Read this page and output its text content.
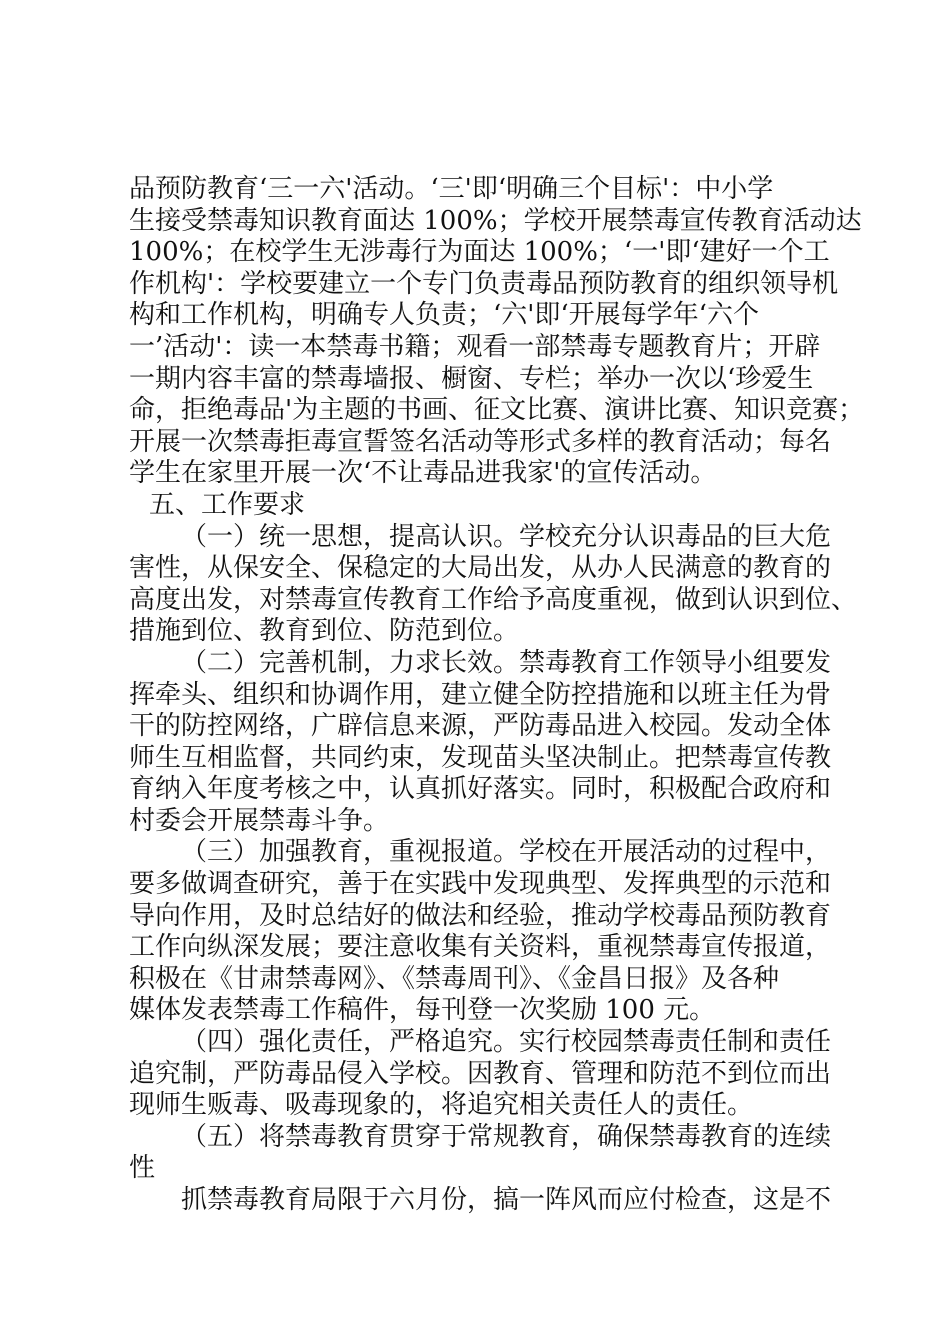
品预防教育‘三一六'活动。‘三'即‘明确三个目标'：中小学

生接受禁毒知识教育面达 100%；学校开展禁毒宣传教育活动达

100%；在校学生无涉毒行为面达 100%；‘一'即‘建好一个工

作机构'：学校要建立一个专门负责毒品预防教育的组织领导机

构和工作机构，明确专人负责；‘六'即‘开展每学年‘六个

一’活动'：读一本禁毒书籍；观看一部禁毒专题教育片；开辟

一期内容丰富的禁毒墙报、橱窗、专栏；举办一次以‘珍爱生

命，拒绝毒品'为主题的书画、征文比赛、演讲比赛、知识竞赛；

开展一次禁毒拒毒宣誓签名活动等形式多样的教育活动；每名

学生在家里开展一次‘不让毒品进我家'的宣传活动。

五、工作要求

（一）统一思想，提高认识。学校充分认识毒品的巨大危

害性，从保安全、保稳定的大局出发，从办人民满意的教育的

高度出发，对禁毒宣传教育工作给予高度重视，做到认识到位、

措施到位、教育到位、防范到位。

（二）完善机制，力求长效。禁毒教育工作领导小组要发

挥牵头、组织和协调作用，建立健全防控措施和以班主任为骨

干的防控网络，广辟信息来源，严防毒品进入校园。发动全体

师生互相监督，共同约束，发现苗头坚决制止。把禁毒宣传教

育纳入年度考核之中，认真抓好落实。同时，积极配合政府和

村委会开展禁毒斗争。

（三）加强教育，重视报道。学校在开展活动的过程中，

要多做调查研究，善于在实践中发现典型、发挥典型的示范和

导向作用，及时总结好的做法和经验，推动学校毒品预防教育

工作向纵深发展；要注意收集有关资料，重视禁毒宣传报道，

积极在《甘肃禁毒网》、《禁毒周刊》、《金昌日报》及各种

媒体发表禁毒工作稿件，每刊登一次奖励 100 元。

（四）强化责任，严格追究。实行校园禁毒责任制和责任

追究制，严防毒品侵入学校。因教育、管理和防范不到位而出

现师生贩毒、吸毒现象的，将追究相关责任人的责任。

（五）将禁毒教育贯穿于常规教育，确保禁毒教育的连续

性

抓禁毒教育局限于六月份，搞一阵风而应付检查，这是不
